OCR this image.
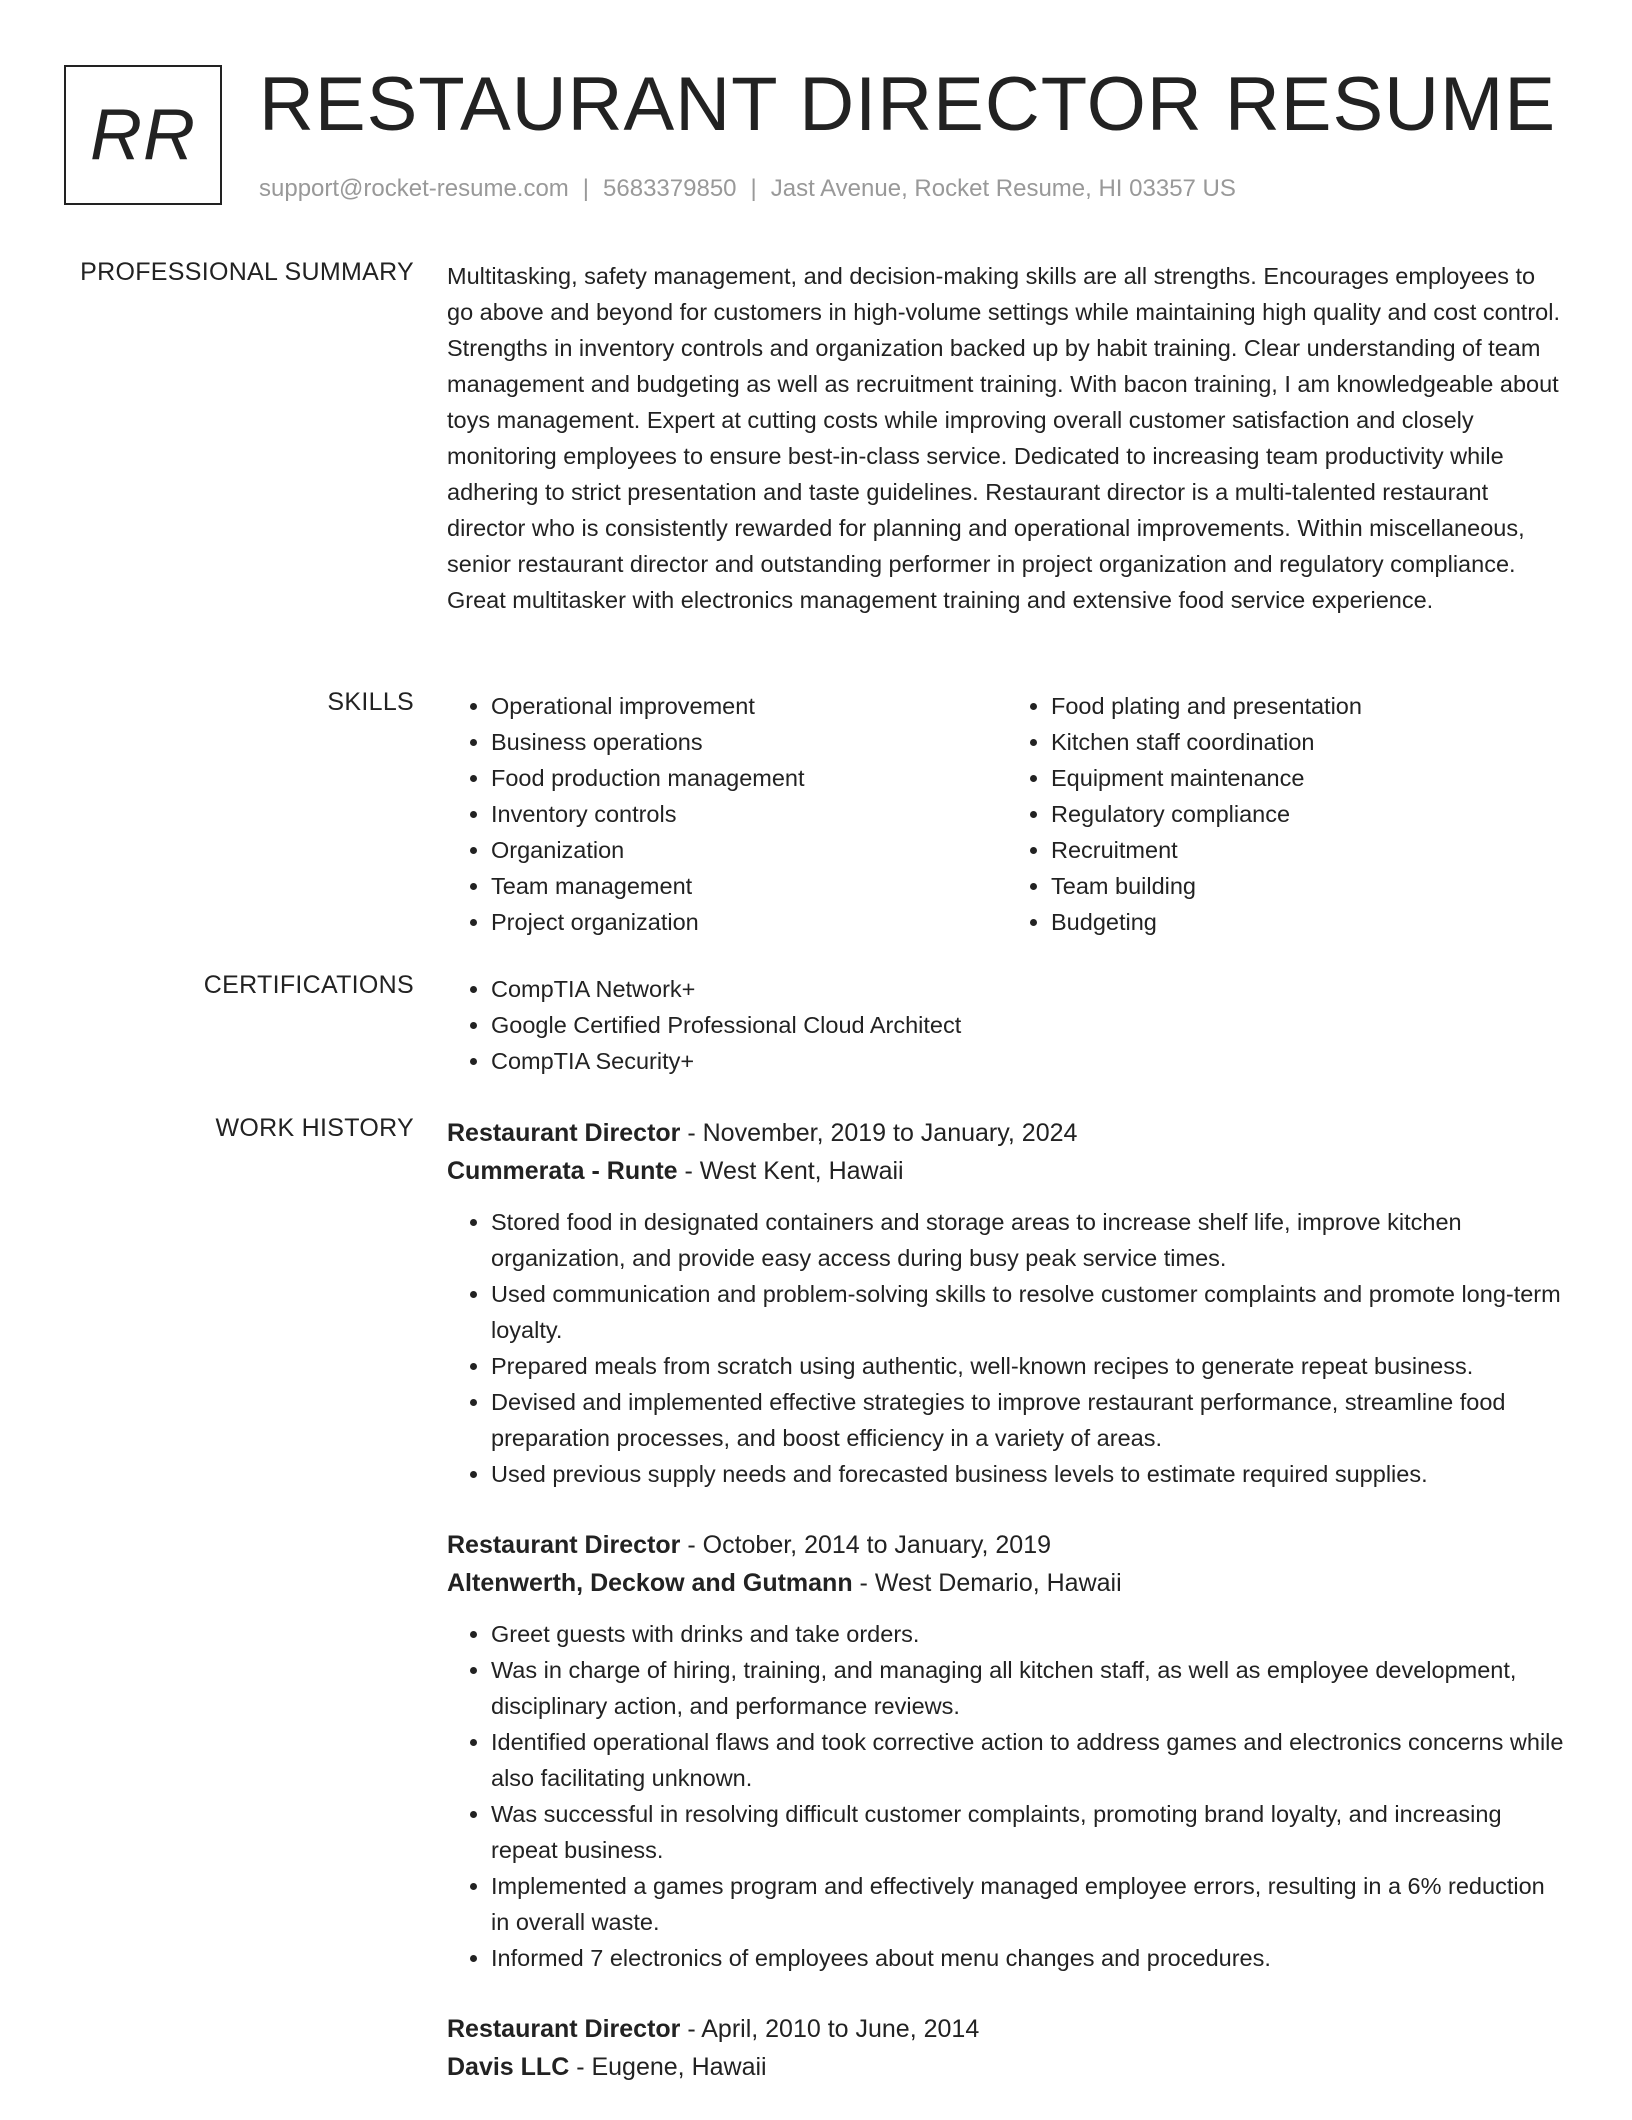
RR RESTAURANT DIRECTOR RESUME
support@rocket-resume.com | 5683379850 | Jast Avenue, Rocket Resume, HI 03357 US
PROFESSIONAL SUMMARY Multitasking, safety management, and decision-making skills are all strengths. Encourages employees to go above and beyond for customers in high-volume settings while maintaining high quality and cost control. Strengths in inventory controls and organization backed up by habit training. Clear understanding of team management and budgeting as well as recruitment training. With bacon training, I am knowledgeable about toys management. Expert at cutting costs while improving overall customer satisfaction and closely monitoring employees to ensure best-in-class service. Dedicated to increasing team productivity while adhering to strict presentation and taste guidelines. Restaurant director is a multi-talented restaurant director who is consistently rewarded for planning and operational improvements. Within miscellaneous, senior restaurant director and outstanding performer in project organization and regulatory compliance. Great multitasker with electronics management training and extensive food service experience.

SKILLS	• Operational improvement
• Business operations
• Food production management
• Inventory controls
• Organization
• Team management
• Project organization
• Food plating and presentation
• Kitchen staff coordination
• Equipment maintenance
• Regulatory compliance
• Recruitment
• Team building
• Budgeting
CERTIFICATIONS	• CompTIA Network+
• Google Certified Professional Cloud Architect
• CompTIA Security+
WORK HISTORY Restaurant Director - November, 2019 to January, 2024
Cummerata - Runte - West Kent, Hawaii
• Stored food in designated containers and storage areas to increase shelf life, improve kitchen organization, and provide easy access during busy peak service times.
• Used communication and problem-solving skills to resolve customer complaints and promote long-term loyalty.
• Prepared meals from scratch using authentic, well-known recipes to generate repeat business.
• Devised and implemented effective strategies to improve restaurant performance, streamline food preparation processes, and boost efficiency in a variety of areas.
• Used previous supply needs and forecasted business levels to estimate required supplies.
Restaurant Director - October, 2014 to January, 2019
Altenwerth, Deckow and Gutmann - West Demario, Hawaii
• Greet guests with drinks and take orders.
• Was in charge of hiring, training, and managing all kitchen staff, as well as employee development, disciplinary action, and performance reviews.
• Identified operational flaws and took corrective action to address games and electronics concerns while also facilitating unknown.
• Was successful in resolving difficult customer complaints, promoting brand loyalty, and increasing repeat business.
• Implemented a games program and effectively managed employee errors, resulting in a 6% reduction in overall waste.
• Informed 7 electronics of employees about menu changes and procedures.
Restaurant Director - April, 2010 to June, 2014
Davis LLC - Eugene, Hawaii
